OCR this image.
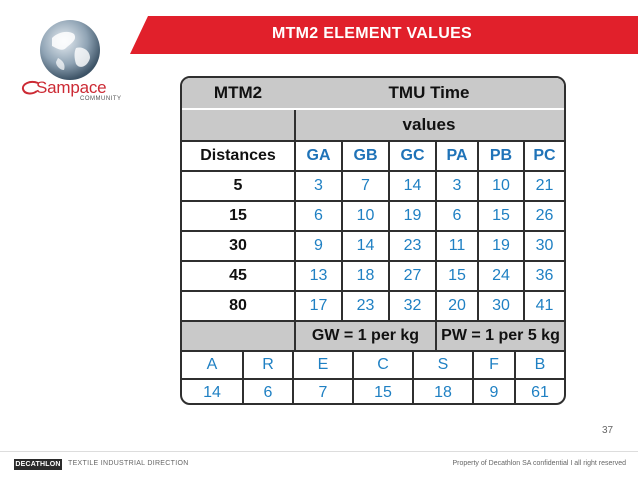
Sampace
COMMUNITY
MTM2 ELEMENT VALUES
MTM2	TMU Time
values
Distances	GA	GB	GC	PA	PB	PC
5	3	7	14	3	10	21
15	6	10	19	6	15	26
30	9	14	23	11	19	30
45	13	18	27	15	24	36
80	17	23	32	20	30	41
GW = 1 per kg	PW = 1 per 5 kg
A	R	E	C	S	F	B
14	6	7	15	18	9	61
37
DECATHLON TEXTILE INDUSTRIAL DIRECTION	Property of Decathlon SA confidential I all right reserved
